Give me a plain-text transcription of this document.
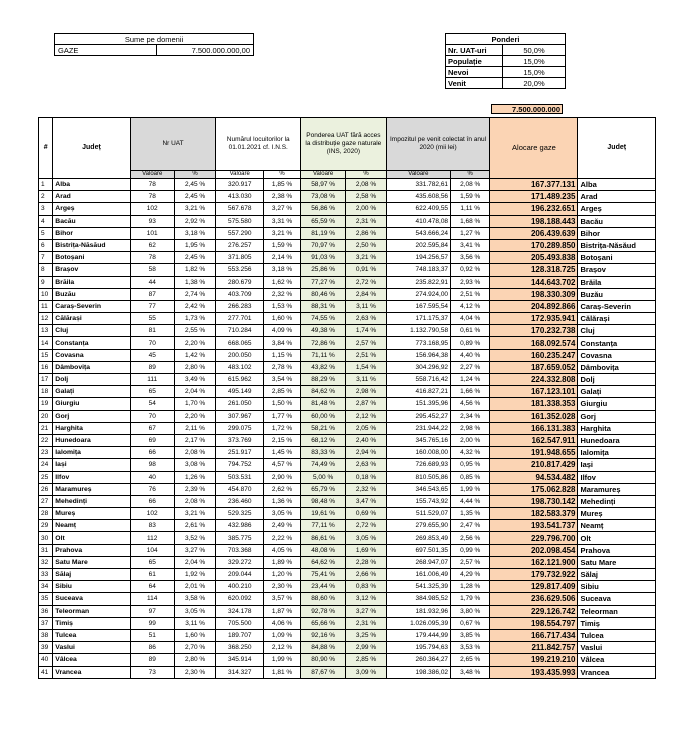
Sume pe domenii
GAZE	7.500.000.000,00
Ponderi	
Nr. UAT-uri	50,0%
Populație	15,0%
Nevoi	15,0%
Venit	20,0%
7.500.000.000
#	Județ	Nr UAT		Numărul locuitorilor la 01.01.2021 cf. I.N.S.		Ponderea UAT fără acces la distribuție gaze naturale (INS, 2020)		Impozitul pe venit colectat în anul 2020 (mii lei)		Alocare gaze	Județ
		Valoare	%	Valoare	%	Valoare	%	Valoare	%		
1	Alba	78	2,45 %	320.917	1,85 %	58,97 %	2,08 %	331.782,61	2,08 %	167.377.131	Alba
2	Arad	78	2,45 %	413.030	2,38 %	73,08 %	2,58 %	435.608,56	1,59 %	171.489.235	Arad
3	Argeș	102	3,21 %	567.678	3,27 %	56,86 %	2,00 %	622.409,55	1,11 %	196.232.651	Argeș
4	Bacău	93	2,92 %	575.580	3,31 %	65,59 %	2,31 %	410.478,08	1,68 %	198.188.443	Bacău
5	Bihor	101	3,18 %	557.290	3,21 %	81,19 %	2,86 %	543.666,24	1,27 %	206.439.639	Bihor
6	Bistrița-Năsăud	62	1,95 %	276.257	1,59 %	70,97 %	2,50 %	202.595,84	3,41 %	170.289.850	Bistrița-Năsăud
7	Botoșani	78	2,45 %	371.805	2,14 %	91,03 %	3,21 %	194.256,57	3,56 %	205.493.838	Botoșani
8	Brașov	58	1,82 %	553.256	3,18 %	25,86 %	0,91 %	748.183,37	0,92 %	128.318.725	Brașov
9	Brăila	44	1,38 %	280.679	1,62 %	77,27 %	2,72 %	235.822,91	2,93 %	144.643.702	Brăila
10	Buzău	87	2,74 %	403.709	2,32 %	80,46 %	2,84 %	274.924,00	2,51 %	198.330.309	Buzău
11	Caraș-Severin	77	2,42 %	266.283	1,53 %	88,31 %	3,11 %	167.595,54	4,12 %	204.892.866	Caraș-Severin
12	Călărași	55	1,73 %	277.701	1,60 %	74,55 %	2,63 %	171.175,37	4,04 %	172.935.941	Călărași
13	Cluj	81	2,55 %	710.284	4,09 %	49,38 %	1,74 %	1.132.790,58	0,61 %	170.232.738	Cluj
14	Constanța	70	2,20 %	668.065	3,84 %	72,86 %	2,57 %	773.168,95	0,89 %	168.092.574	Constanța
15	Covasna	45	1,42 %	200.050	1,15 %	71,11 %	2,51 %	156.964,38	4,40 %	160.235.247	Covasna
16	Dâmbovița	89	2,80 %	483.102	2,78 %	43,82 %	1,54 %	304.296,92	2,27 %	187.659.052	Dâmbovița
17	Dolj	111	3,49 %	615.962	3,54 %	88,29 %	3,11 %	558.716,42	1,24 %	224.332.808	Dolj
18	Galați	65	2,04 %	495.149	2,85 %	84,62 %	2,98 %	416.827,21	1,66 %	167.123.101	Galați
19	Giurgiu	54	1,70 %	261.050	1,50 %	81,48 %	2,87 %	151.395,96	4,56 %	181.338.353	Giurgiu
20	Gorj	70	2,20 %	307.967	1,77 %	60,00 %	2,12 %	295.452,27	2,34 %	161.352.028	Gorj
21	Harghita	67	2,11 %	299.075	1,72 %	58,21 %	2,05 %	231.944,22	2,98 %	166.131.383	Harghita
22	Hunedoara	69	2,17 %	373.769	2,15 %	68,12 %	2,40 %	345.765,16	2,00 %	162.547.911	Hunedoara
23	Ialomița	66	2,08 %	251.917	1,45 %	83,33 %	2,94 %	160.008,00	4,32 %	191.948.655	Ialomița
24	Iași	98	3,08 %	794.752	4,57 %	74,49 %	2,63 %	726.689,93	0,95 %	210.817.429	Iași
25	Ilfov	40	1,26 %	503.531	2,90 %	5,00 %	0,18 %	810.505,86	0,85 %	94.534.482	Ilfov
26	Maramureș	76	2,39 %	454.870	2,62 %	65,79 %	2,32 %	346.543,65	1,99 %	175.062.828	Maramureș
27	Mehedinți	66	2,08 %	236.460	1,36 %	98,48 %	3,47 %	155.743,92	4,44 %	198.730.142	Mehedinți
28	Mureș	102	3,21 %	529.325	3,05 %	19,61 %	0,69 %	511.529,07	1,35 %	182.583.379	Mureș
29	Neamț	83	2,61 %	432.986	2,49 %	77,11 %	2,72 %	279.655,90	2,47 %	193.541.737	Neamț
30	Olt	112	3,52 %	385.775	2,22 %	86,61 %	3,05 %	269.853,49	2,56 %	229.796.700	Olt
31	Prahova	104	3,27 %	703.368	4,05 %	48,08 %	1,69 %	697.501,35	0,99 %	202.098.454	Prahova
32	Satu Mare	65	2,04 %	329.272	1,89 %	64,62 %	2,28 %	268.947,07	2,57 %	162.121.900	Satu Mare
33	Sălaj	61	1,92 %	209.044	1,20 %	75,41 %	2,66 %	161.006,49	4,29 %	179.732.922	Sălaj
34	Sibiu	64	2,01 %	400.210	2,30 %	23,44 %	0,83 %	541.325,39	1,28 %	129.817.409	Sibiu
35	Suceava	114	3,58 %	620.092	3,57 %	88,60 %	3,12 %	384.985,52	1,79 %	236.629.506	Suceava
36	Teleorman	97	3,05 %	324.178	1,87 %	92,78 %	3,27 %	181.932,96	3,80 %	229.126.742	Teleorman
37	Timiș	99	3,11 %	705.500	4,06 %	65,66 %	2,31 %	1.026.095,39	0,67 %	198.554.797	Timiș
38	Tulcea	51	1,60 %	189.707	1,09 %	92,16 %	3,25 %	179.444,99	3,85 %	166.717.434	Tulcea
39	Vaslui	86	2,70 %	368.250	2,12 %	84,88 %	2,99 %	195.794,63	3,53 %	211.842.757	Vaslui
40	Vâlcea	89	2,80 %	345.914	1,99 %	80,90 %	2,85 %	260.364,27	2,65 %	199.219.210	Vâlcea
41	Vrancea	73	2,30 %	314.327	1,81 %	87,67 %	3,09 %	198.386,02	3,48 %	193.435.993	Vrancea
